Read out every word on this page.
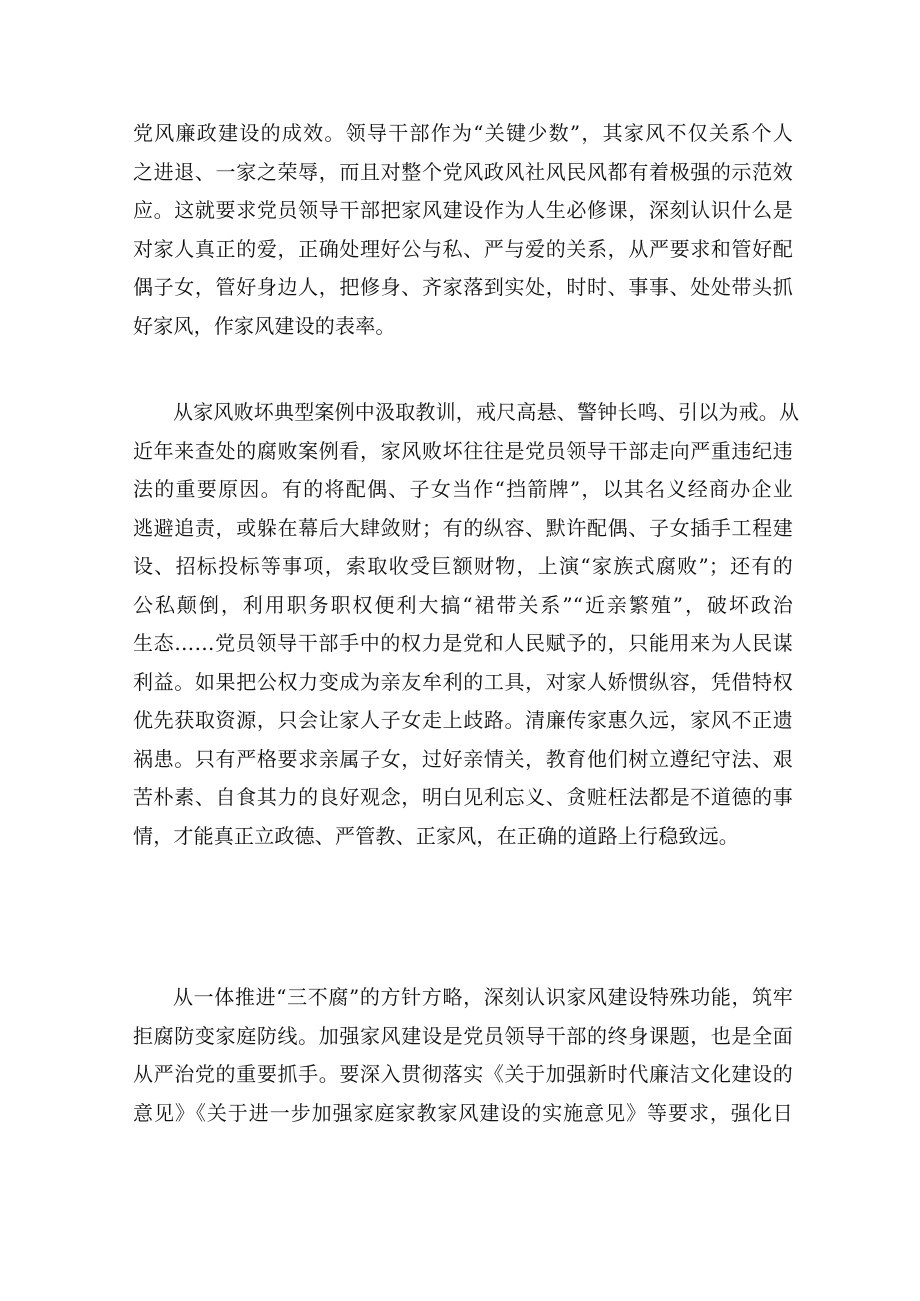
党风廉政建设的成效。领导干部作为“关键少数”，其家风不仅关系个人
之进退、一家之荣辱，而且对整个党风政风社风民风都有着极强的示范效
应。这就要求党员领导干部把家风建设作为人生必修课，深刻认识什么是
对家人真正的爱，正确处理好公与私、严与爱的关系，从严要求和管好配
偶子女，管好身边人，把修身、齐家落到实处，时时、事事、处处带头抓
好家风，作家风建设的表率。
从家风败坏典型案例中汲取教训，戒尺高悬、警钟长鸣、引以为戒。从
近年来查处的腐败案例看，家风败坏往往是党员领导干部走向严重违纪违
法的重要原因。有的将配偶、子女当作“挡箭牌”，以其名义经商办企业
逃避追责，或躲在幕后大肆敛财；有的纵容、默许配偶、子女插手工程建
设、招标投标等事项，索取收受巨额财物，上演“家族式腐败”；还有的
公私颠倒，利用职务职权便利大搞“裙带关系”“近亲繁殖”，破坏政治
生态……党员领导干部手中的权力是党和人民赋予的，只能用来为人民谋
利益。如果把公权力变成为亲友牟利的工具，对家人娇惯纵容，凭借特权
优先获取资源，只会让家人子女走上歧路。清廉传家惠久远，家风不正遗
祸患。只有严格要求亲属子女，过好亲情关，教育他们树立遵纪守法、艰
苦朴素、自食其力的良好观念，明白见利忘义、贪赃枉法都是不道德的事
情，才能真正立政德、严管教、正家风，在正确的道路上行稳致远。
从一体推进“三不腐”的方针方略，深刻认识家风建设特殊功能，筑牢
拒腐防变家庭防线。加强家风建设是党员领导干部的终身课题，也是全面
从严治党的重要抓手。要深入贯彻落实《关于加强新时代廉洁文化建设的
意见》《关于进一步加强家庭家教家风建设的实施意见》等要求，强化日
